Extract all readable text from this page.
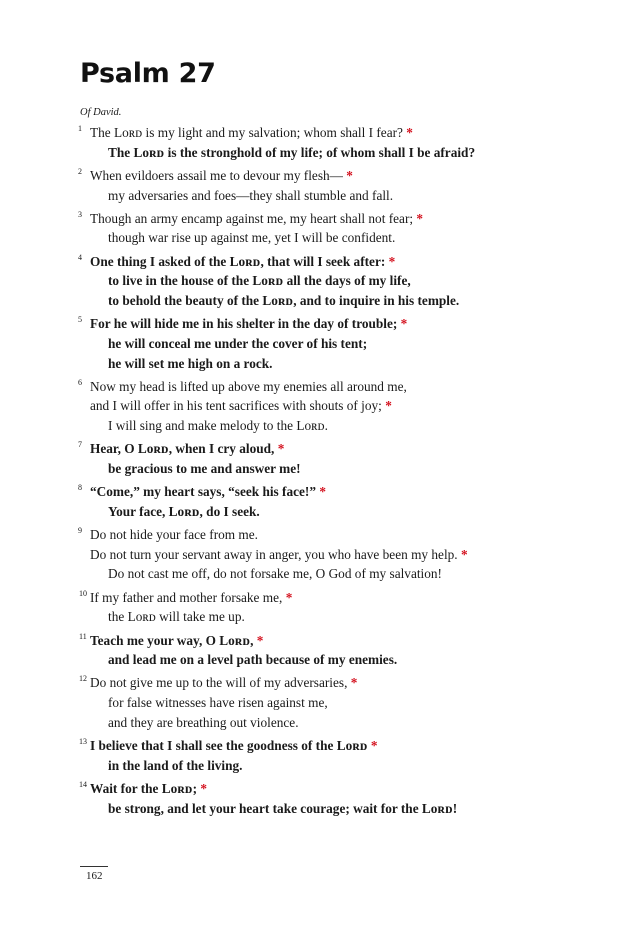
Psalm 27
Of David.
1 The Lᴏʀᴅ is my light and my salvation; whom shall I fear? *
The Lᴏʀᴅ is the stronghold of my life; of whom shall I be afraid?
2 When evildoers assail me to devour my flesh— *
my adversaries and foes—they shall stumble and fall.
3 Though an army encamp against me, my heart shall not fear; *
though war rise up against me, yet I will be confident.
4 One thing I asked of the Lᴏʀᴅ, that will I seek after: *
to live in the house of the Lᴏʀᴅ all the days of my life,
to behold the beauty of the Lᴏʀᴅ, and to inquire in his temple.
5 For he will hide me in his shelter in the day of trouble; *
he will conceal me under the cover of his tent;
he will set me high on a rock.
6 Now my head is lifted up above my enemies all around me,
and I will offer in his tent sacrifices with shouts of joy; *
I will sing and make melody to the Lᴏʀᴅ.
7 Hear, O Lᴏʀᴅ, when I cry aloud, *
be gracious to me and answer me!
8 “Come,” my heart says, “seek his face!” *
Your face, Lᴏʀᴅ, do I seek.
9 Do not hide your face from me.
Do not turn your servant away in anger, you who have been my help. *
Do not cast me off, do not forsake me, O God of my salvation!
10 If my father and mother forsake me, *
the Lᴏʀᴅ will take me up.
11 Teach me your way, O Lᴏʀᴅ, *
and lead me on a level path because of my enemies.
12 Do not give me up to the will of my adversaries, *
for false witnesses have risen against me,
and they are breathing out violence.
13 I believe that I shall see the goodness of the Lᴏʀᴅ *
in the land of the living.
14 Wait for the Lᴏʀᴅ; *
be strong, and let your heart take courage; wait for the Lᴏʀᴅ!
162
